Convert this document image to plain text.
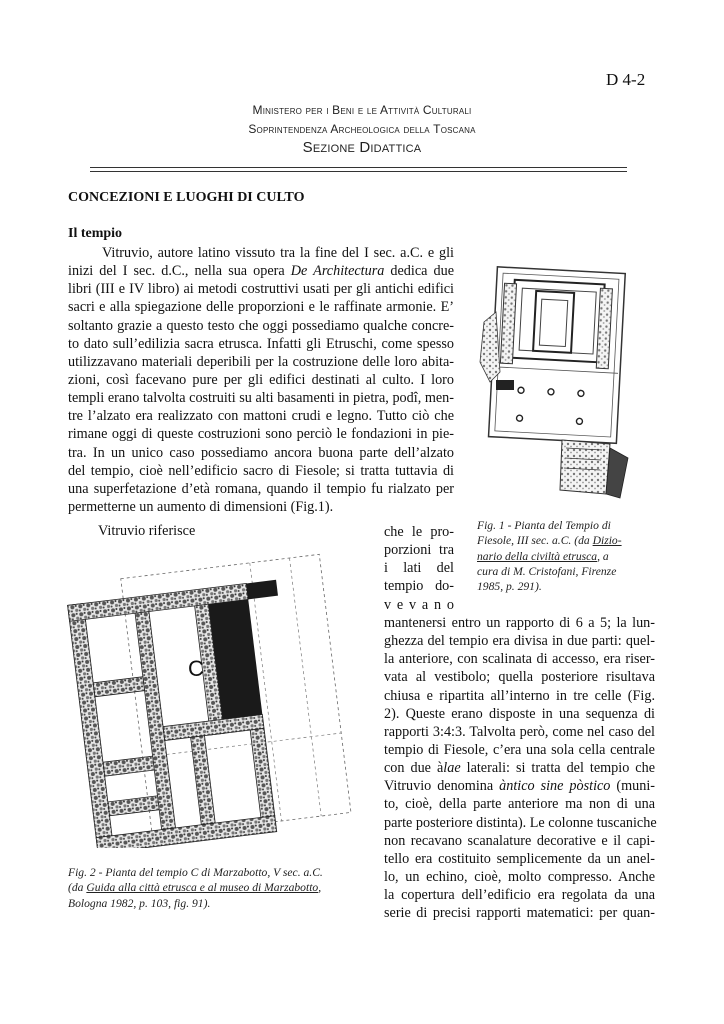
D 4-2
Ministero per i Beni e le Attività Culturali
Soprintendenza Archeologica della Toscana
Sezione Didattica
CONCEZIONI E LUOGHI DI CULTO
Il tempio
Vitruvio, autore latino vissuto tra la fine del I sec. a.C. e gli
inizi del I sec. d.C., nella sua opera De Architectura dedica due
libri (III e IV libro) ai metodi costruttivi usati per gli antichi edifici
sacri e alla spiegazione delle proporzioni e le raffinate armonie. E’
soltanto grazie a questo testo che oggi possediamo qualche concre-
to dato sull’edilizia sacra etrusca. Infatti gli Etruschi, come spesso
utilizzavano materiali deperibili per la costruzione delle loro abita-
zioni, così facevano pure per gli edifici destinati al culto. I loro
templi erano talvolta costruiti su alti basamenti in pietra, podî, men-
tre l’alzato era realizzato con mattoni crudi e legno. Tutto ciò che
rimane oggi di queste costruzioni sono perciò le fondazioni in pie-
tra. In un unico caso possediamo ancora buona parte dell’alzato
del tempio, cioè nell’edificio sacro di Fiesole; si tratta tuttavia di
una superfetazione d’età romana, quando il tempio fu rialzato per
permetterne un aumento di dimensioni (Fig.1).
Vitruvio riferisce	che le pro-
porzioni tra
i lati del
tempio do-
v e v a n o
mantenersi entro un rapporto di 6 a 5; la lun-
ghezza del tempio era divisa in due parti: quel-
la anteriore, con scalinata di accesso, era riser-
vata al vestibolo; quella posteriore risultava
chiusa e ripartita all’interno in tre celle (Fig.
2). Queste erano disposte in una sequenza di
rapporti 3:4:3. Talvolta però, come nel caso del
tempio di Fiesole, c’era una sola cella centrale
con due àlae laterali: si tratta del tempio che
Vitruvio denomina àntico sine pòstico (muni-
to, cioè, della parte anteriore ma non di una
parte posteriore distinta). Le colonne tuscaniche
non recavano scanalature decorative e il capi-
tello era costituito semplicemente da un anel-
lo, un echino, cioè, molto compresso. Anche
la copertura dell’edificio era regolata da una
serie di precisi rapporti matematici: per quan-
Fig. 1 - Pianta del Tempio di
Fiesole, III sec. a.C. (da Dizio-
nario della civiltà etrusca, a
cura di M. Cristofani, Firenze
1985, p. 291).
C
Fig. 2 - Pianta del tempio C di Marzabotto, V sec. a.C.
(da Guida alla città etrusca e al museo di Marzabotto,
Bologna 1982, p. 103, fig. 91).
